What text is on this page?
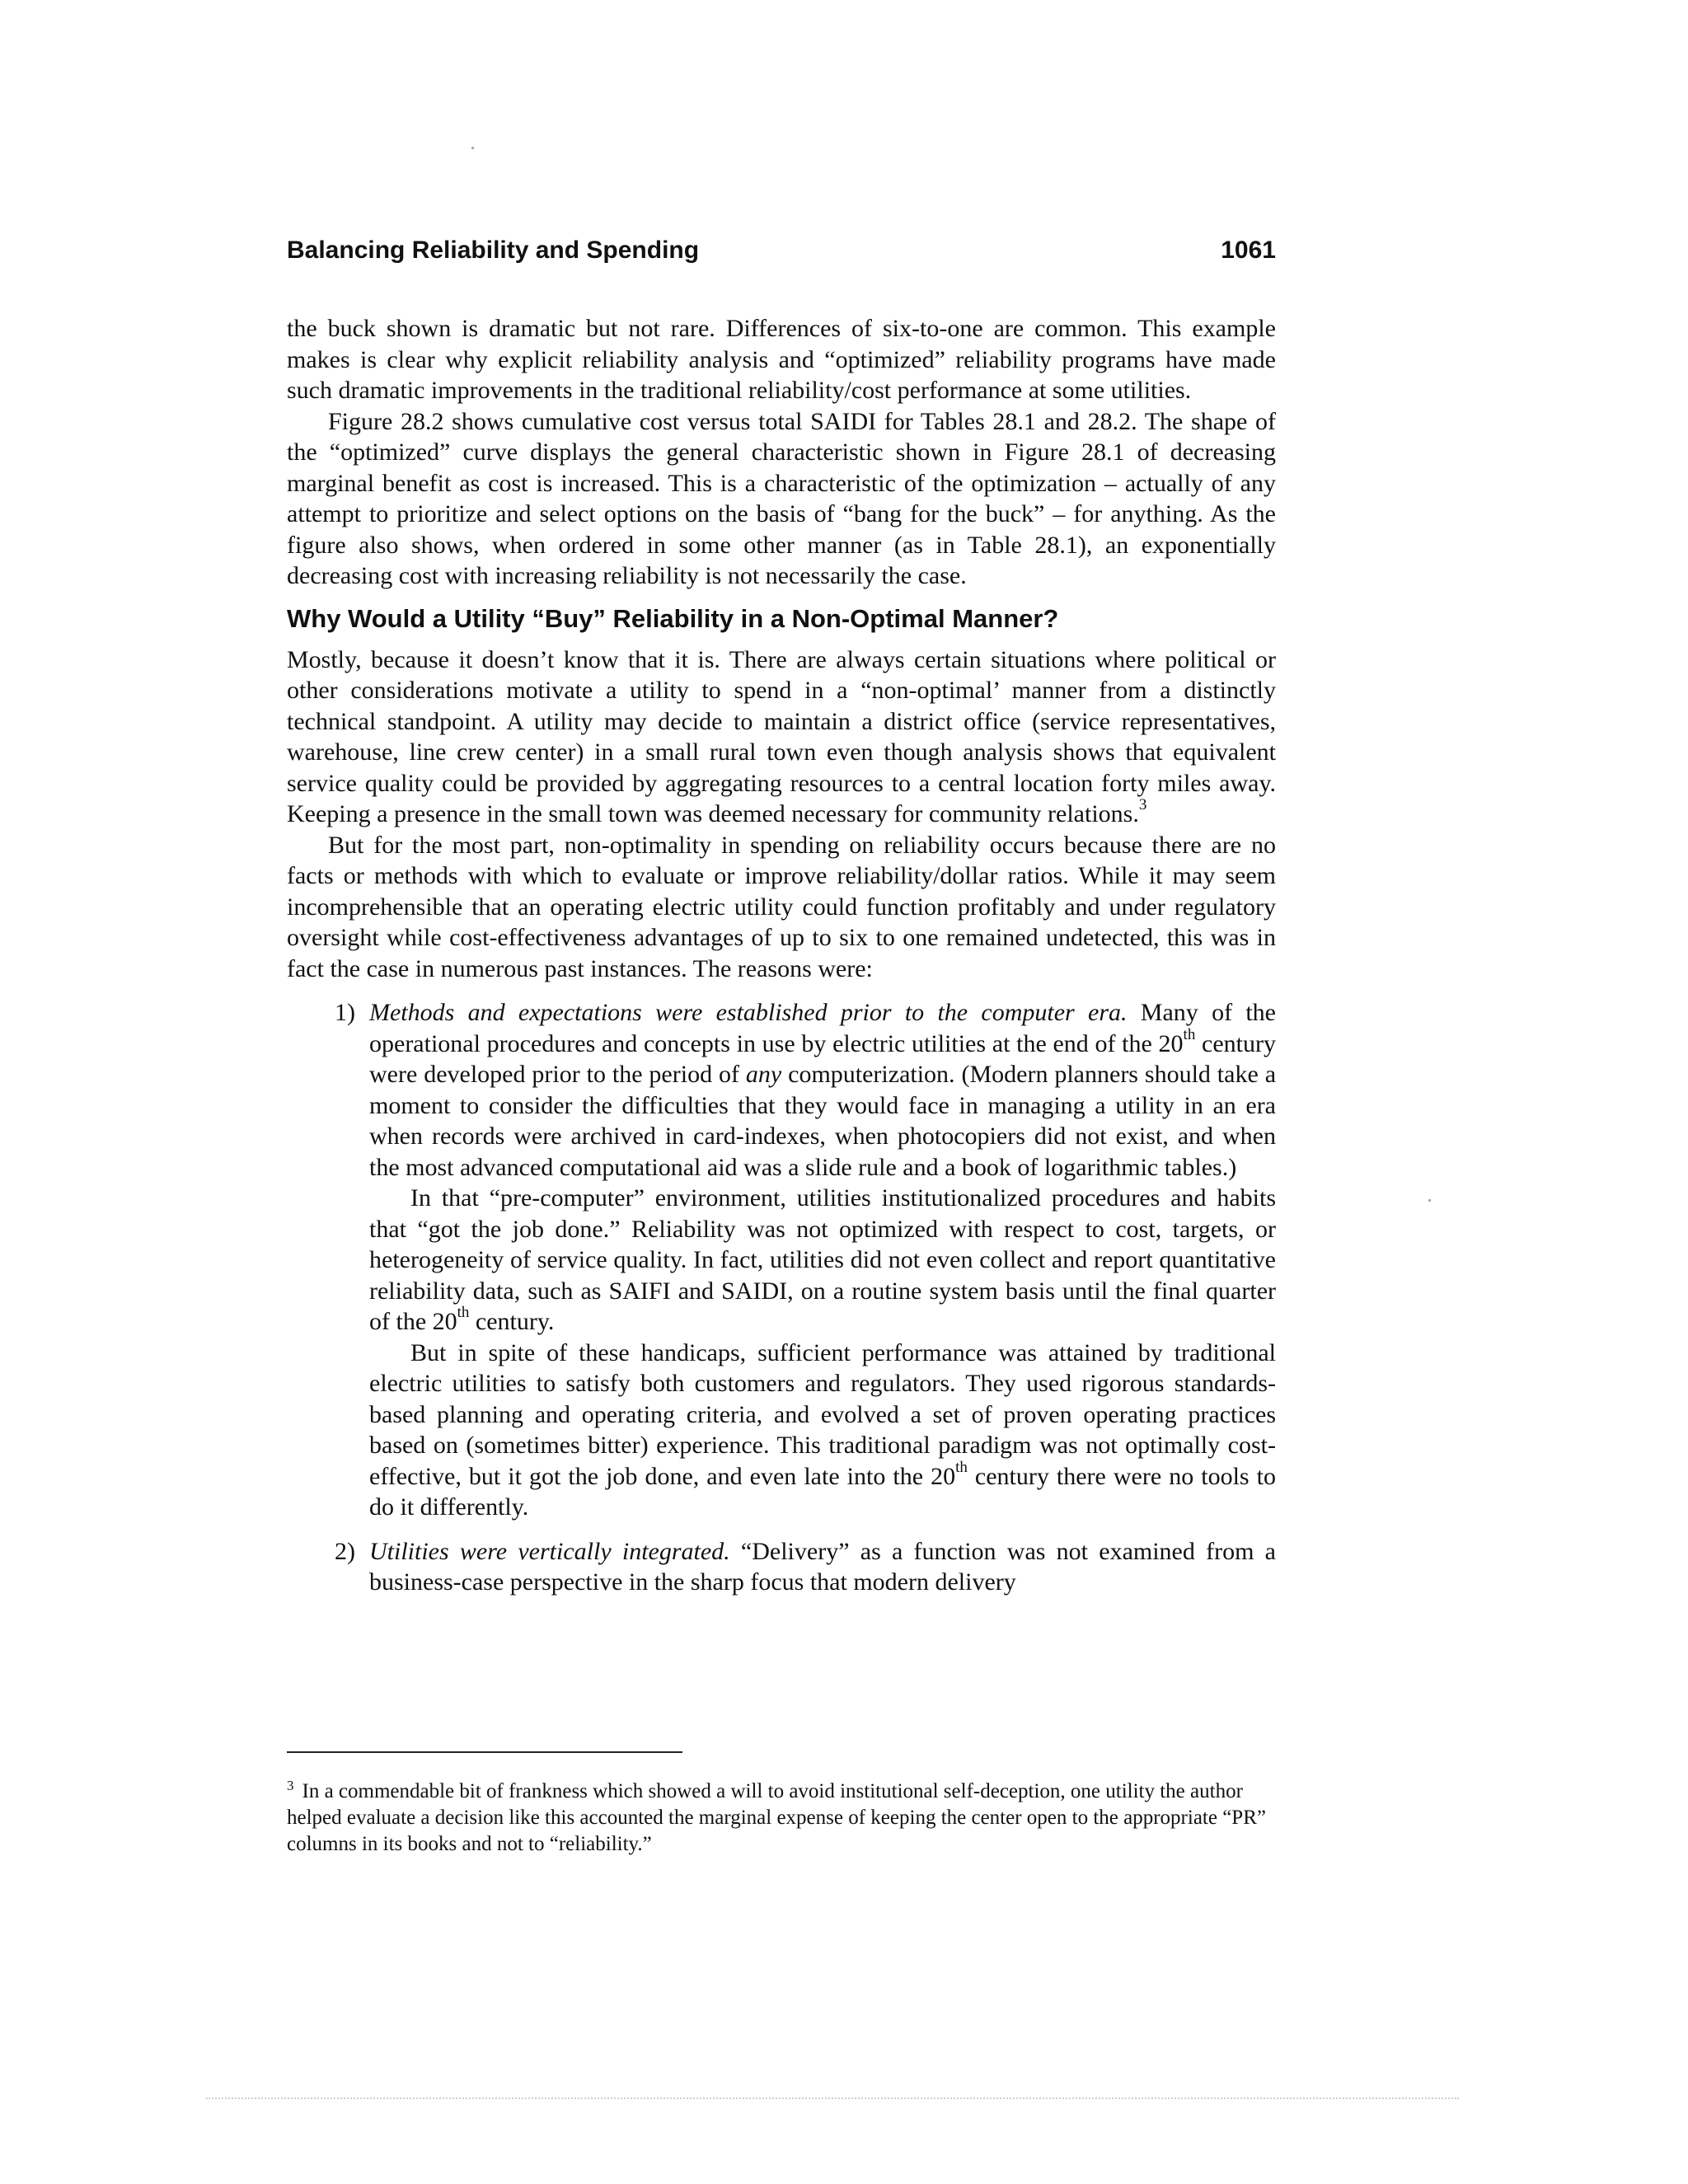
Balancing Reliability and Spending	1061

the buck shown is dramatic but not rare. Differences of six-to-one are common. This example makes is clear why explicit reliability analysis and “optimized” reliability programs have made such dramatic improvements in the traditional reliability/cost performance at some utilities.

Figure 28.2 shows cumulative cost versus total SAIDI for Tables 28.1 and 28.2. The shape of the “optimized” curve displays the general characteristic shown in Figure 28.1 of decreasing marginal benefit as cost is increased. This is a characteristic of the optimization – actually of any attempt to prioritize and select options on the basis of “bang for the buck” – for anything. As the figure also shows, when ordered in some other manner (as in Table 28.1), an exponentially decreasing cost with increasing reliability is not necessarily the case.

Why Would a Utility “Buy” Reliability in a Non-Optimal Manner?

Mostly, because it doesn’t know that it is. There are always certain situations where political or other considerations motivate a utility to spend in a “non-optimal’ manner from a distinctly technical standpoint. A utility may decide to maintain a district office (service representatives, warehouse, line crew center) in a small rural town even though analysis shows that equivalent service quality could be provided by aggregating resources to a central location forty miles away. Keeping a presence in the small town was deemed necessary for community relations.$^3$

But for the most part, non-optimality in spending on reliability occurs because there are no facts or methods with which to evaluate or improve reliability/dollar ratios. While it may seem incomprehensible that an operating electric utility could function profitably and under regulatory oversight while cost-effectiveness advantages of up to six to one remained undetected, this was in fact the case in numerous past instances. The reasons were:

1) Methods and expectations were established prior to the computer era. Many of the operational procedures and concepts in use by electric utilities at the end of the 20th century were developed prior to the period of any computerization. (Modern planners should take a moment to consider the difficulties that they would face in managing a utility in an era when records were archived in card-indexes, when photocopiers did not exist, and when the most advanced computational aid was a slide rule and a book of logarithmic tables.)

In that “pre-computer” environment, utilities institutionalized procedures and habits that “got the job done.” Reliability was not optimized with respect to cost, targets, or heterogeneity of service quality. In fact, utilities did not even collect and report quantitative reliability data, such as SAIFI and SAIDI, on a routine system basis until the final quarter of the 20th century.

But in spite of these handicaps, sufficient performance was attained by traditional electric utilities to satisfy both customers and regulators. They used rigorous standards-based planning and operating criteria, and evolved a set of proven operating practices based on (sometimes bitter) experience. This traditional paradigm was not optimally cost-effective, but it got the job done, and even late into the 20th century there were no tools to do it differently.

2) Utilities were vertically integrated. “Delivery” as a function was not examined from a business-case perspective in the sharp focus that modern delivery

$^3$ In a commendable bit of frankness which showed a will to avoid institutional self-deception, one utility the author helped evaluate a decision like this accounted the marginal expense of keeping the center open to the appropriate “PR” columns in its books and not to “reliability.”
